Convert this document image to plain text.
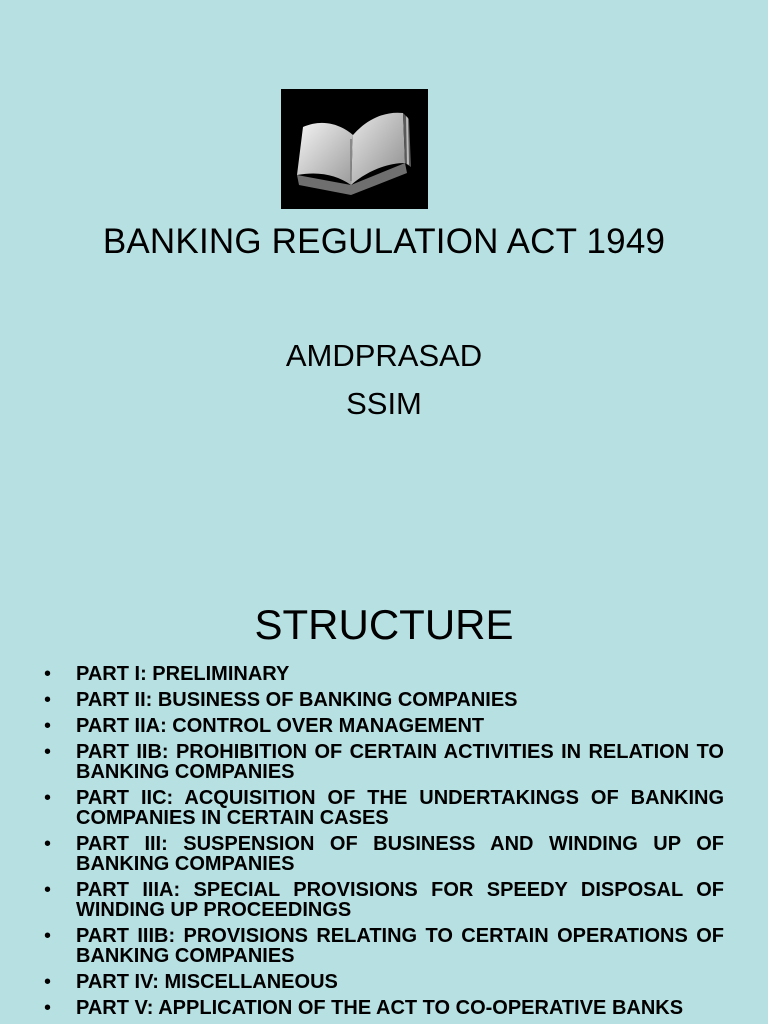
BANKING REGULATION ACT 1949
AMDPRASAD
SSIM
STRUCTURE
• PART I: PRELIMINARY
• PART II: BUSINESS OF BANKING COMPANIES
• PART IIA: CONTROL OVER MANAGEMENT
• PART IIB: PROHIBITION OF CERTAIN ACTIVITIES IN RELATION TO BANKING COMPANIES
• PART IIC: ACQUISITION OF THE UNDERTAKINGS OF BANKING COMPANIES IN CERTAIN CASES
• PART III: SUSPENSION OF BUSINESS AND WINDING UP OF BANKING COMPANIES
• PART IIIA: SPECIAL PROVISIONS FOR SPEEDY DISPOSAL OF WINDING UP PROCEEDINGS
• PART IIIB: PROVISIONS RELATING TO CERTAIN OPERATIONS OF BANKING COMPANIES
• PART IV: MISCELLANEOUS
• PART V: APPLICATION OF THE ACT TO CO-OPERATIVE BANKS
